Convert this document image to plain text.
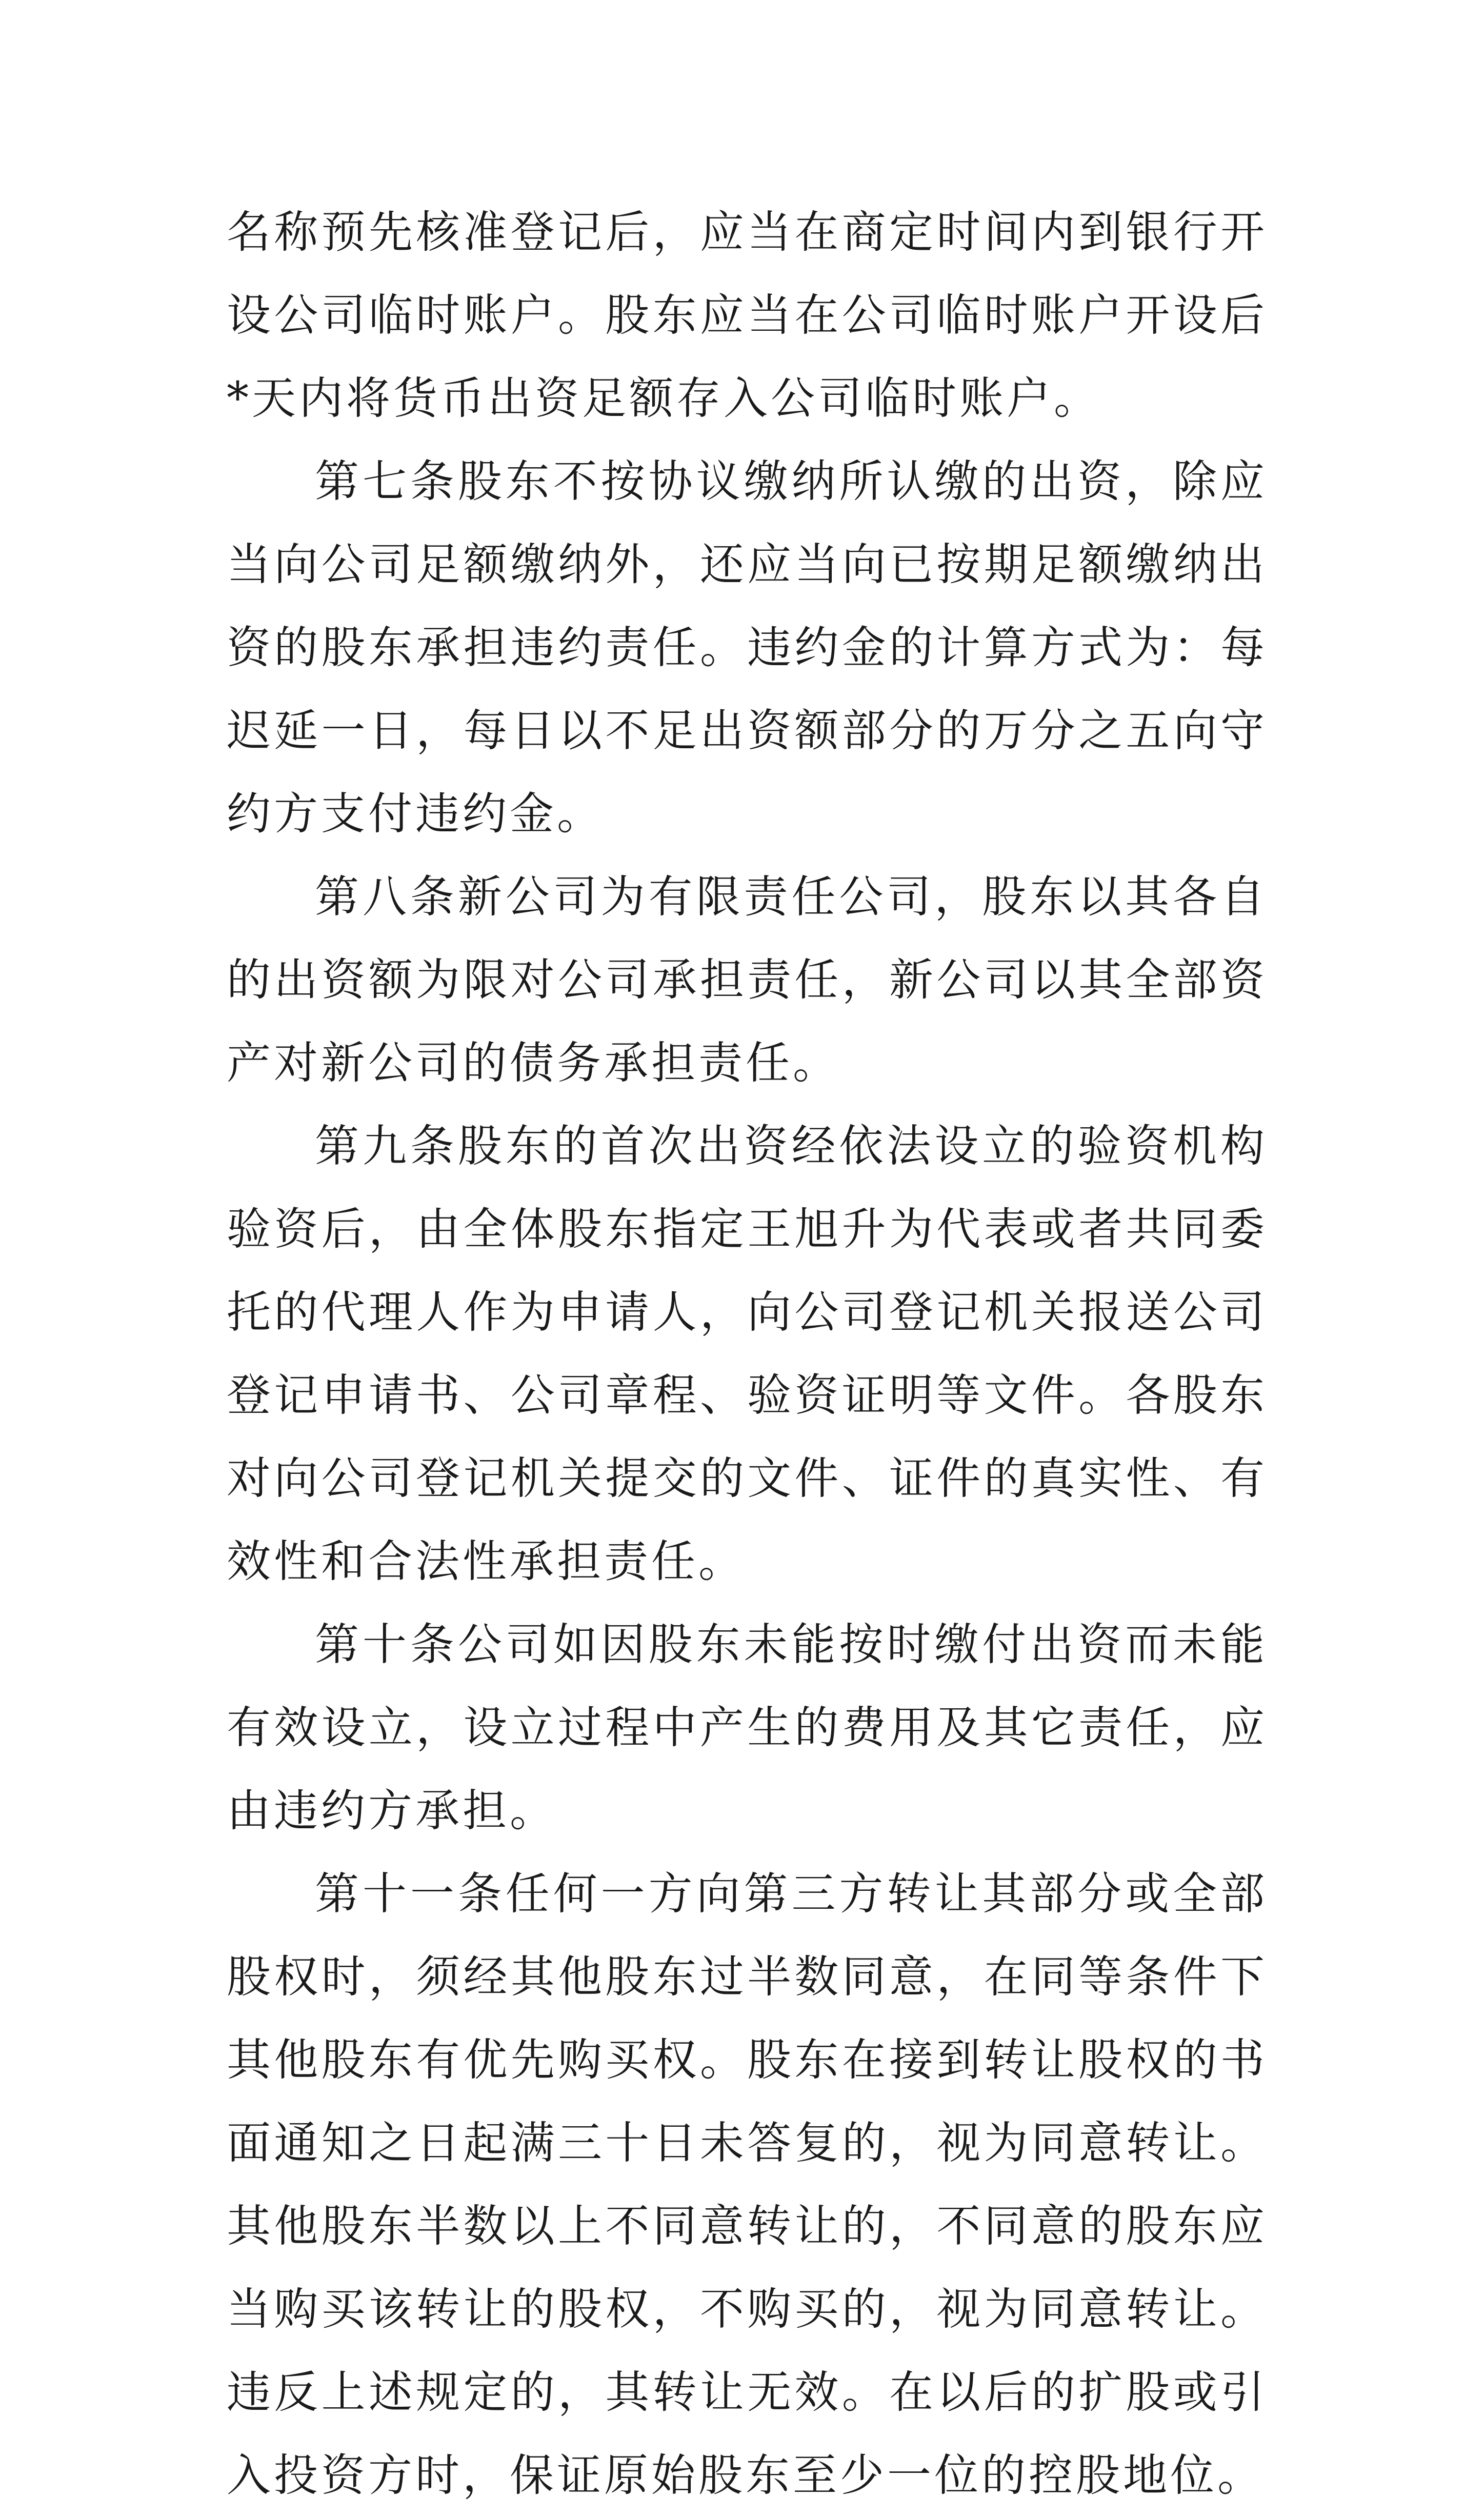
名称预先核准登记后，应当在商定时间内到银行开设公司临时账户。股东应当在公司临时账户开设后*天内将货币出资足额存入公司临时账户。

第七条股东不按协议缴纳所认缴的出资，除应当向公司足额缴纳外，还应当向已按期足额缴纳出资的股东承担违约责任。违约金的计算方式为：每迟延一日，每日以不足出资额部分的万分之五向守约方支付违约金。

第八条新公司为有限责任公司，股东以其各自的出资额为限对公司承担责任，新公司以其全部资产对新公司的债务承担责任。

第九条股东的首次出资经依法设立的验资机构验资后，由全体股东指定王旭升为代表或者共同委托的代理人作为申请人，向公司登记机关报送公司登记申请书、公司章程、验资证明等文件。各股东对向公司登记机关提交的文件、证件的真实性、有效性和合法性承担责任。

第十条公司如因股东未能按时缴付出资而未能有效设立，设立过程中产生的费用及其它责任，应由违约方承担。

第十一条任何一方向第三方转让其部分或全部股权时，须经其他股东过半数同意，在同等条件下其他股东有优先购买权。股东在接到转让股权的书面通知之日起满三十日未答复的，视为同意转让。其他股东半数以上不同意转让的，不同意的股东应当购买该转让的股权，不购买的，视为同意转让。违反上述规定的，其转让无效。在以后的扩股或引入投资方时，保证原始股东至少一位的控股地位。
